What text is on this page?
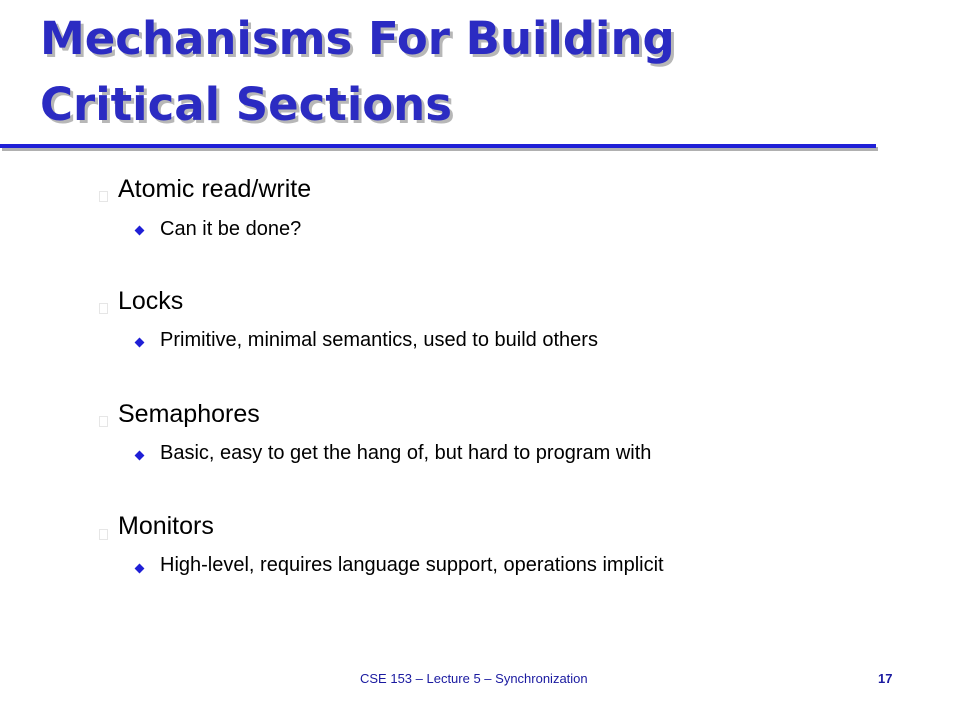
Mechanisms For Building
Critical Sections
Atomic read/write
Can it be done?
Locks
Primitive, minimal semantics, used to build others
Semaphores
Basic, easy to get the hang of, but hard to program with
Monitors
High-level, requires language support, operations implicit
CSE 153 – Lecture 5 – Synchronization	17
